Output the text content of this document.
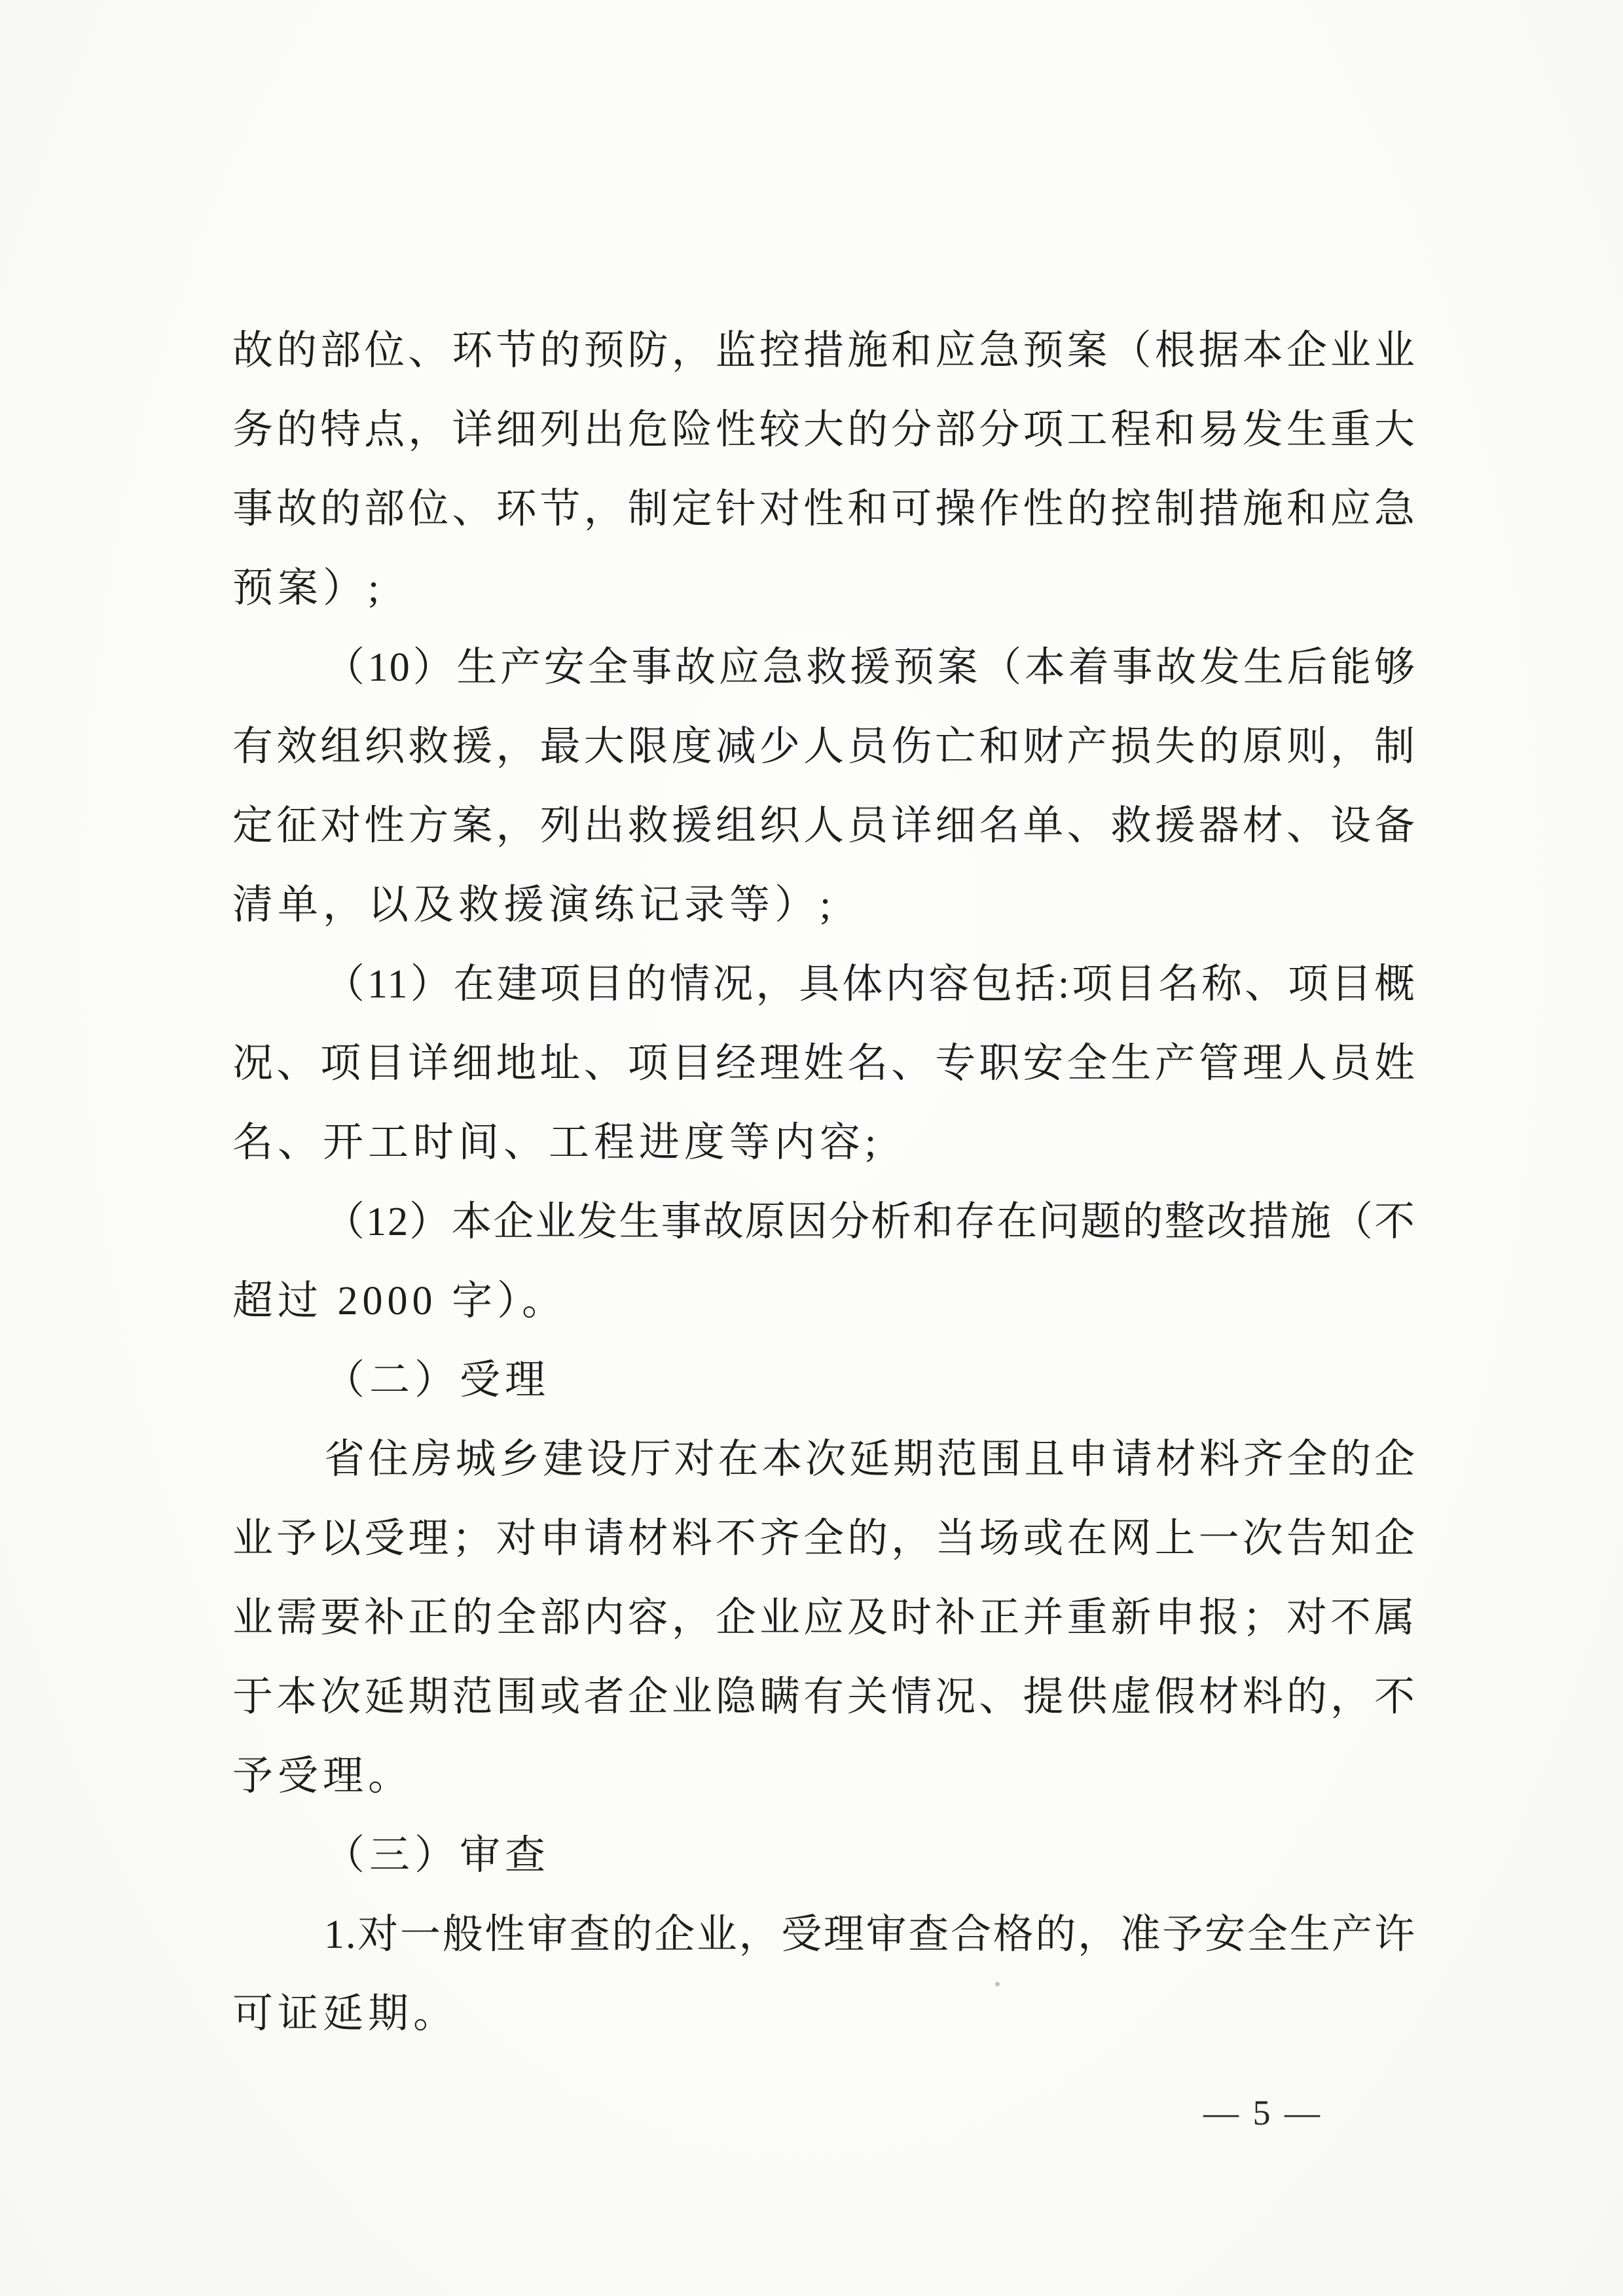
故的部位、环节的预防，监控措施和应急预案（根据本企业业
务的特点，详细列出危险性较大的分部分项工程和易发生重大
事故的部位、环节，制定针对性和可操作性的控制措施和应急
预案）;
（10）生产安全事故应急救援预案（本着事故发生后能够
有效组织救援，最大限度减少人员伤亡和财产损失的原则，制
定征对性方案，列出救援组织人员详细名单、救援器材、设备
清单，以及救援演练记录等）;
（11）在建项目的情况，具体内容包括:项目名称、项目概
况、项目详细地址、项目经理姓名、专职安全生产管理人员姓
名、开工时间、工程进度等内容;
（12）本企业发生事故原因分析和存在问题的整改措施（不
超过 2000 字）。
（二）受理
省住房城乡建设厅对在本次延期范围且申请材料齐全的企
业予以受理；对申请材料不齐全的，当场或在网上一次告知企
业需要补正的全部内容，企业应及时补正并重新申报；对不属
于本次延期范围或者企业隐瞒有关情况、提供虚假材料的，不
予受理。
（三）审查
1.对一般性审查的企业，受理审查合格的，准予安全生产许
可证延期。
— 5 —
